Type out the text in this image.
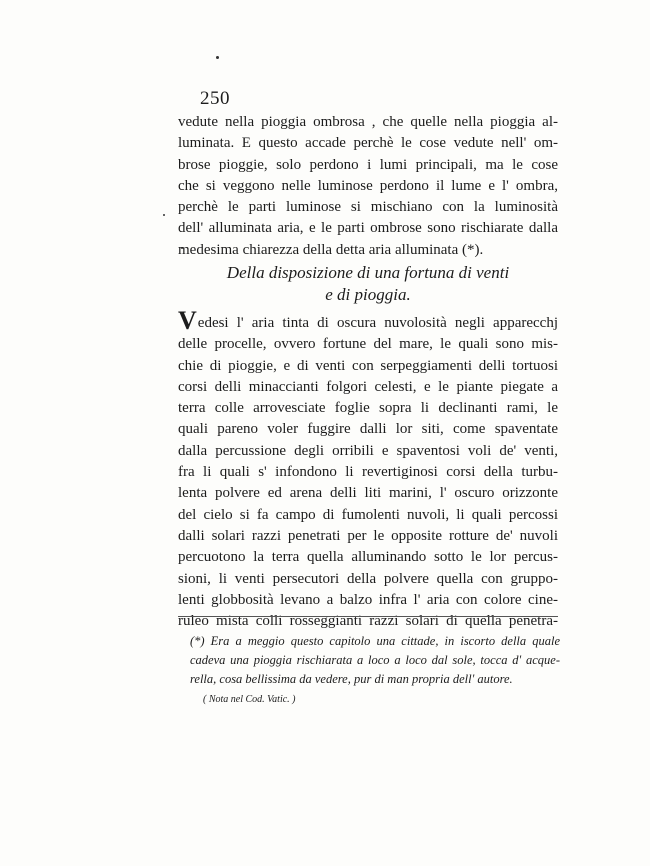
250
vedute nella pioggia ombrosa , che quelle nella pioggia al-
luminata. E questo accade perchè le cose vedute nell' om-
brose pioggie, solo perdono i lumi principali, ma le cose
che si veggono nelle luminose perdono il lume e l' ombra,
perchè le parti luminose si mischiano con la luminosità
dell' alluminata aria, e le parti ombrose sono rischiarate dalla
medesima chiarezza della detta aria alluminata (*).
Della disposizione di una fortuna di venti
e di pioggia.
Vedesi l' aria tinta di oscura nuvolosità negli apparecchj
delle procelle, ovvero fortune del mare, le quali sono mis-
chie di pioggie, e di venti con serpeggiamenti delli tortuosi
corsi delli minaccianti folgori celesti, e le piante piegate a
terra colle arrovesciate foglie sopra li declinanti rami, le
quali pareno voler fuggire dalli lor siti, come spaventate
dalla percussione degli orribili e spaventosi voli de' venti,
fra li quali s' infondono li revertiginosi corsi della turbu-
lenta polvere ed arena delli liti marini, l' oscuro orizzonte
del cielo si fa campo di fumolenti nuvoli, li quali percossi
dalli solari razzi penetrati per le opposite rotture de' nuvoli
percuotono la terra quella alluminando sotto le lor percus-
sioni, li venti persecutori della polvere quella con gruppo-
lenti globbosità levano a balzo infra l' aria con colore cine-
ruleo mista colli rosseggianti razzi solari di quella penetra-
(*) Era a meggio questo capitolo una cittade, in iscorto della quale
cadeva una pioggia rischiarata a loco a loco dal sole, tocca d' acque-
rella, cosa bellissima da vedere, pur di man propria dell' autore.
( Nota nel Cod. Vatic. )
